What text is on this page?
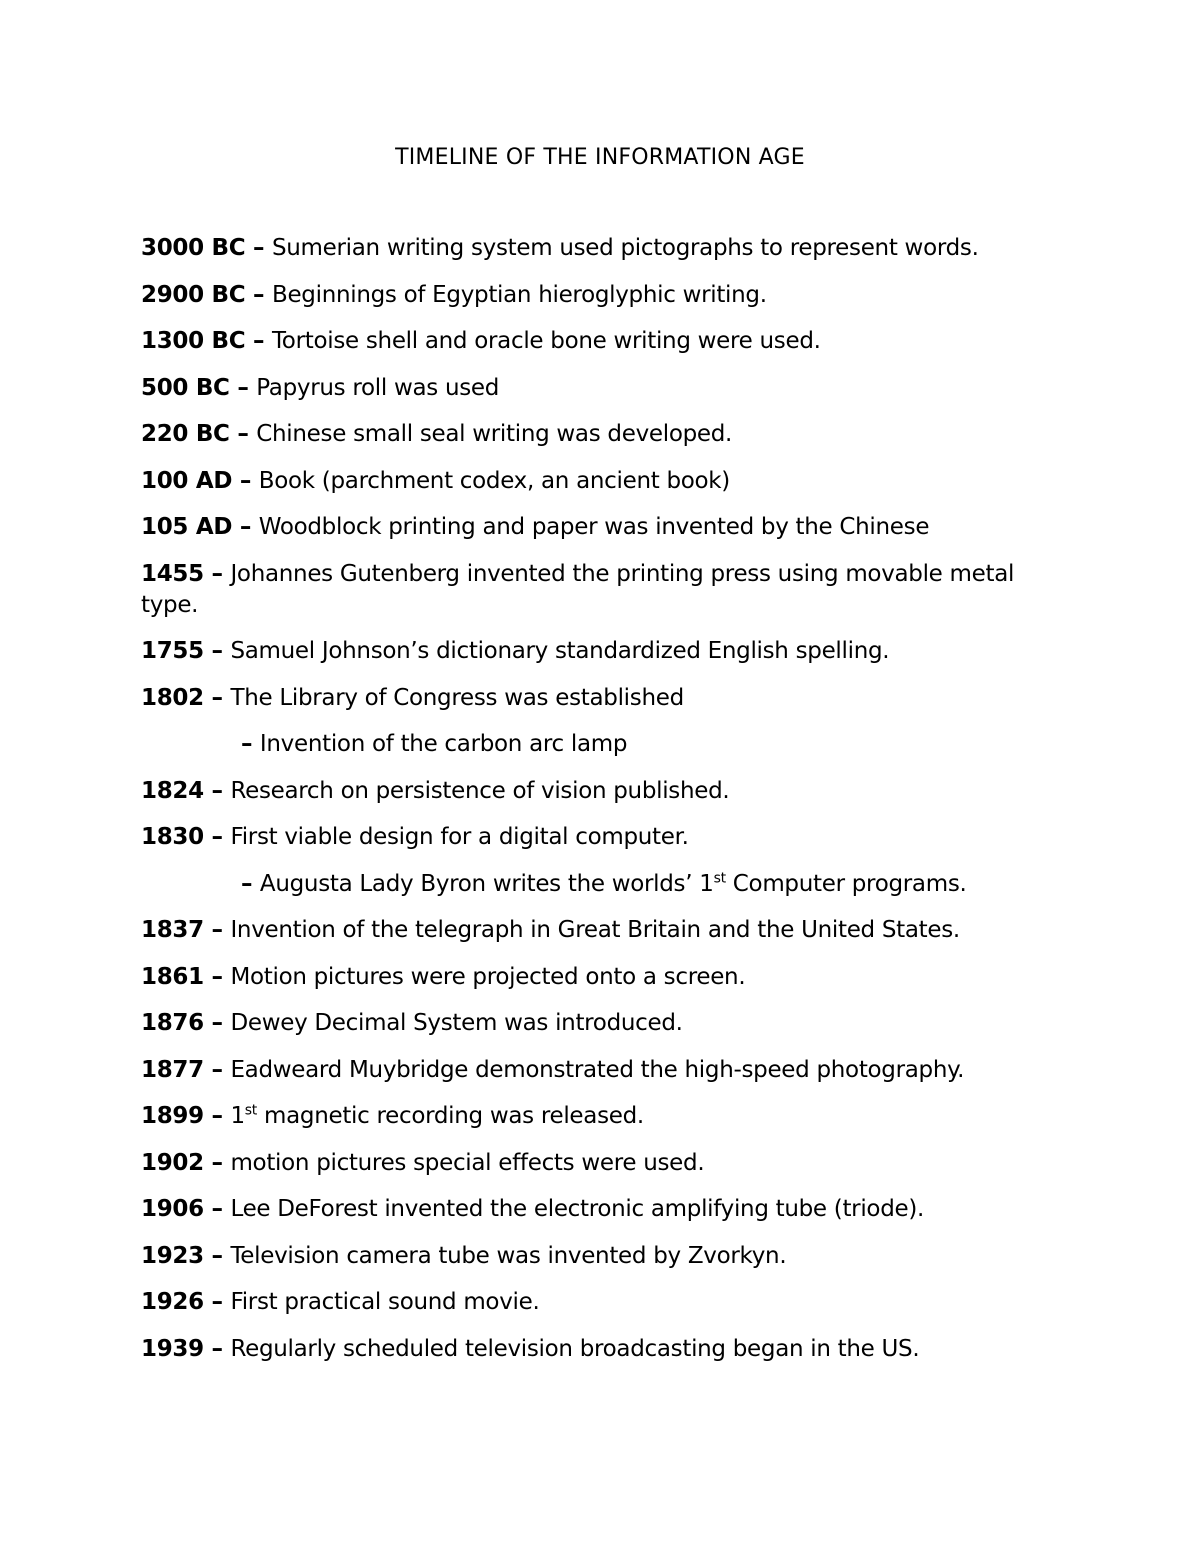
TIMELINE OF THE INFORMATION AGE
3000 BC – Sumerian writing system used pictographs to represent words.
2900 BC – Beginnings of Egyptian hieroglyphic writing.
1300 BC – Tortoise shell and oracle bone writing were used.
500 BC – Papyrus roll was used
220 BC – Chinese small seal writing was developed.
100 AD – Book (parchment codex, an ancient book)
105 AD – Woodblock printing and paper was invented by the Chinese
1455 – Johannes Gutenberg invented the printing press using movable metal type.
1755 – Samuel Johnson’s dictionary standardized English spelling.
1802 – The Library of Congress was established
– Invention of the carbon arc lamp
1824 – Research on persistence of vision published.
1830 – First viable design for a digital computer.
– Augusta Lady Byron writes the worlds’ 1st Computer programs.
1837 – Invention of the telegraph in Great Britain and the United States.
1861 – Motion pictures were projected onto a screen.
1876 – Dewey Decimal System was introduced.
1877 – Eadweard Muybridge demonstrated the high-speed photography.
1899 – 1st magnetic recording was released.
1902 – motion pictures special effects were used.
1906 – Lee DeForest invented the electronic amplifying tube (triode).
1923 – Television camera tube was invented by Zvorkyn.
1926 – First practical sound movie.
1939 – Regularly scheduled television broadcasting began in the US.
